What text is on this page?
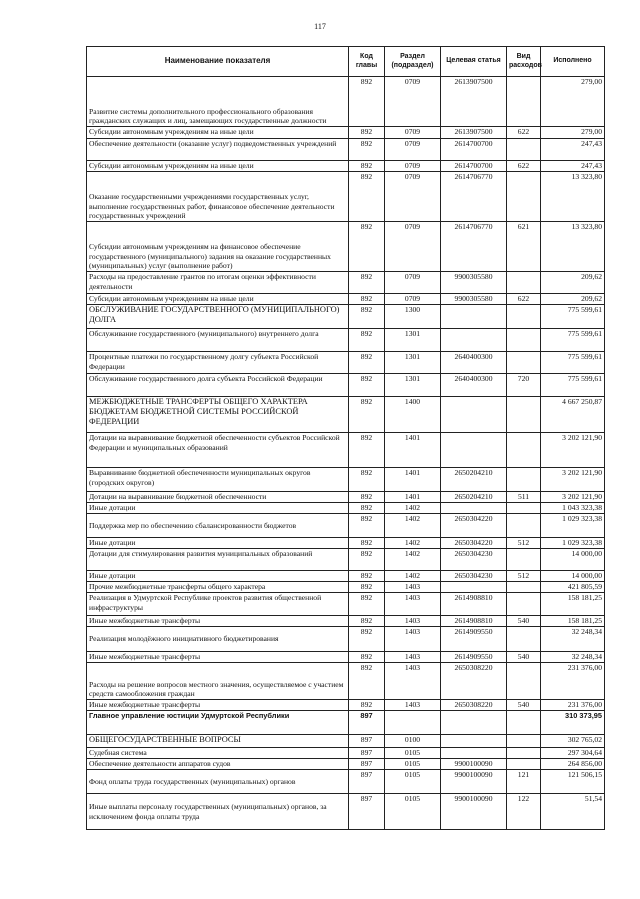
117
Наименование показателя	Код главы	Раздел (подраздел)	Целевая статья	Вид расходов	Исполнено
Развитие системы дополнительного профессионального образования гражданских служащих и лиц, замещающих государственные должности	892	0709	2613907500		279,00
Субсидии автономным учреждениям на иные цели	892	0709	2613907500	622	279,00
Обеспечение деятельности (оказание услуг) подведомственных учреждений	892	0709	2614700700		247,43
Субсидии автономным учреждениям на иные цели	892	0709	2614700700	622	247,43
Оказание государственными учреждениями государственных услуг, выполнение государственных работ, финансовое обеспечение деятельности государственных учреждений	892	0709	2614706770		13 323,80
Субсидии автономным учреждениям на финансовое обеспечение государственного (муниципального) задания на оказание государственных (муниципальных) услуг (выполнение работ)	892	0709	2614706770	621	13 323,80
Расходы на предоставление грантов по итогам оценки эффективности деятельности	892	0709	9900305580		209,62
Субсидии автономным учреждениям на иные цели	892	0709	9900305580	622	209,62
ОБСЛУЖИВАНИЕ ГОСУДАРСТВЕННОГО (МУНИЦИПАЛЬНОГО) ДОЛГА	892	1300			775 599,61
Обслуживание государственного (муниципального) внутреннего долга	892	1301			775 599,61
Процентные платежи по государственному долгу субъекта Российской Федерации	892	1301	2640400300		775 599,61
Обслуживание государственного долга субъекта Российской Федерации	892	1301	2640400300	720	775 599,61
МЕЖБЮДЖЕТНЫЕ ТРАНСФЕРТЫ ОБЩЕГО ХАРАКТЕРА БЮДЖЕТАМ БЮДЖЕТНОЙ СИСТЕМЫ РОССИЙСКОЙ ФЕДЕРАЦИИ	892	1400			4 667 250,87
Дотации на выравнивание бюджетной обеспеченности субъектов Российской Федерации и муниципальных образований	892	1401			3 202 121,90
Выравнивание бюджетной обеспеченности муниципальных округов (городских округов)	892	1401	2650204210		3 202 121,90
Дотации на выравнивание бюджетной обеспеченности	892	1401	2650204210	511	3 202 121,90
Иные дотации	892	1402			1 043 323,38
Поддержка мер по обеспечению сбалансированности бюджетов	892	1402	2650304220		1 029 323,38
Иные дотации	892	1402	2650304220	512	1 029 323,38
Дотации для стимулирования развития муниципальных образований	892	1402	2650304230		14 000,00
Иные дотации	892	1402	2650304230	512	14 000,00
Прочие межбюджетные трансферты общего характера	892	1403			421 805,59
Реализация в Удмуртской Республике проектов развития общественной инфраструктуры	892	1403	2614908810		158 181,25
Иные межбюджетные трансферты	892	1403	2614908810	540	158 181,25
Реализация молодёжного инициативного бюджетирования	892	1403	2614909550		32 248,34
Иные межбюджетные трансферты	892	1403	2614909550	540	32 248,34
Расходы на решение вопросов местного значения, осуществляемое с участием средств самообложения граждан	892	1403	2650308220		231 376,00
Иные межбюджетные трансферты	892	1403	2650308220	540	231 376,00
Главное управление юстиции Удмуртской Республики	897				310 373,95
ОБЩЕГОСУДАРСТВЕННЫЕ ВОПРОСЫ	897	0100			302 765,02
Судебная система	897	0105			297 304,64
Обеспечение деятельности аппаратов судов	897	0105	9900100090		264 856,00
Фонд оплаты труда государственных (муниципальных) органов	897	0105	9900100090	121	121 506,15
Иные выплаты персоналу государственных (муниципальных) органов, за исключением фонда оплаты труда	897	0105	9900100090	122	51,54
